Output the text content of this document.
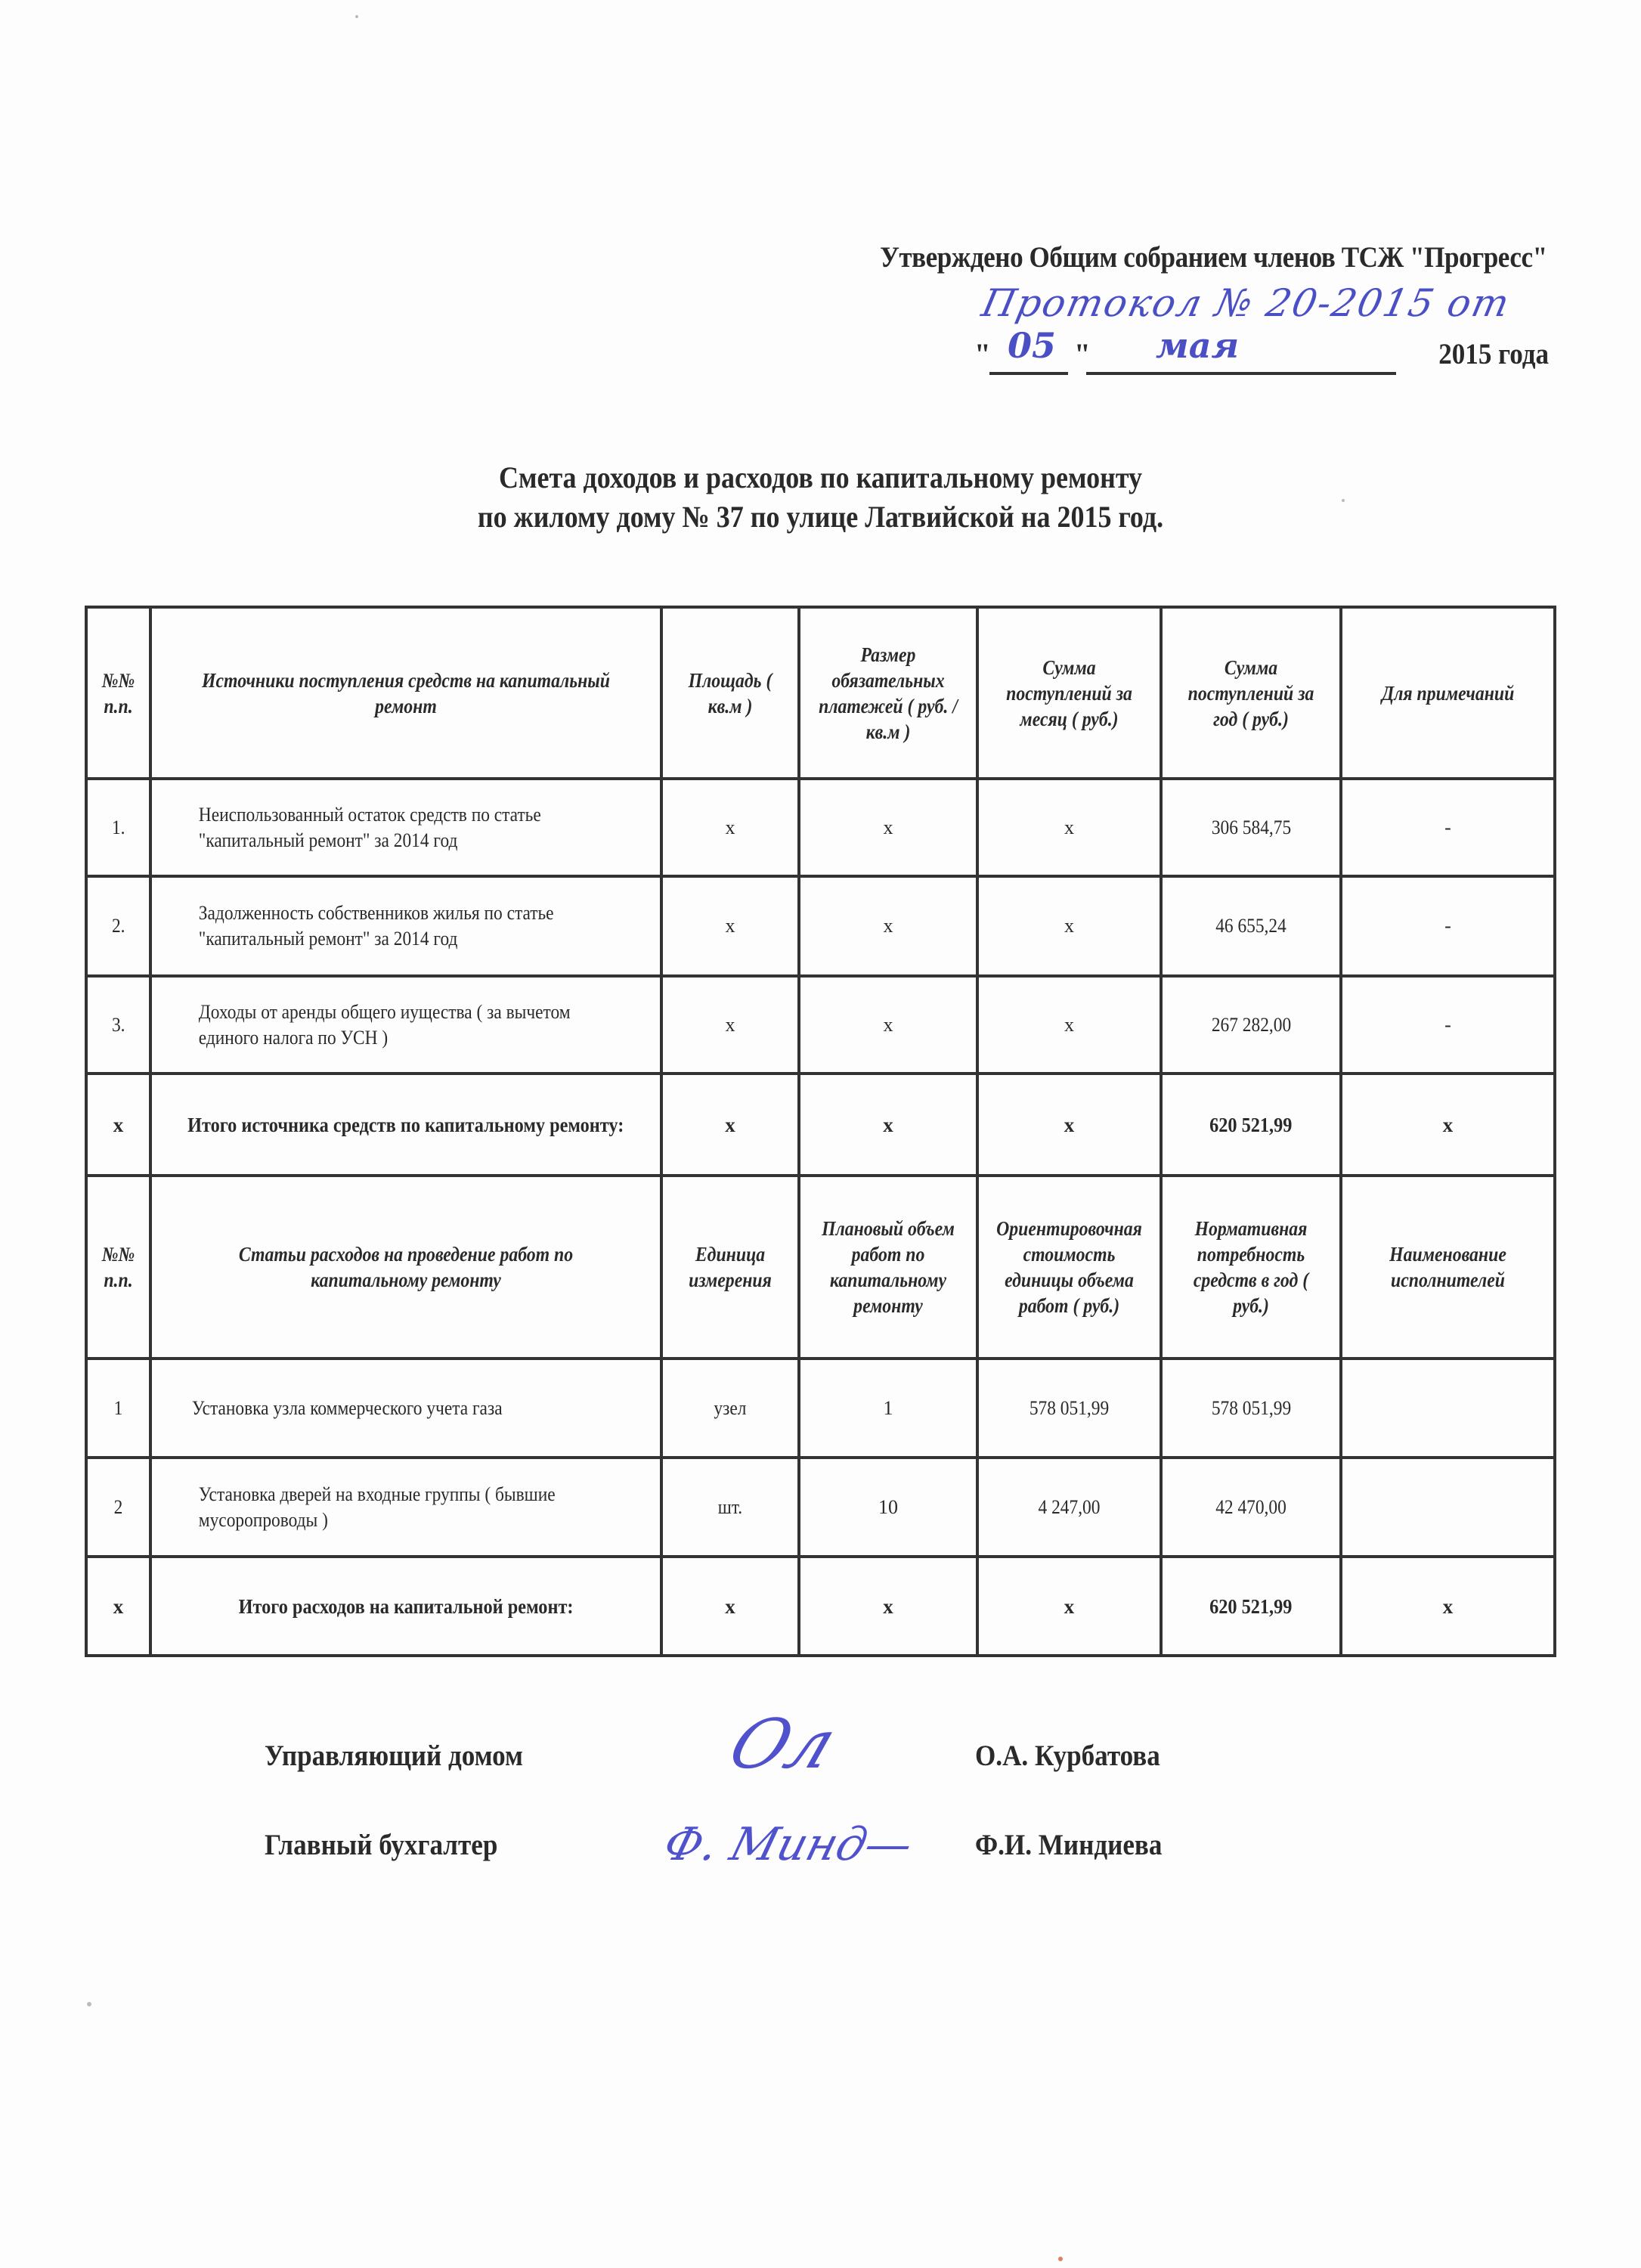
Утверждено Общим собранием членов ТСЖ "Прогресс"
Протокол № 20-2015 от
" 05 " мая	2015 года
Смета доходов и расходов по капитальному ремонту
по жилому дому № 37 по улице Латвийской на 2015 год.
№№ п.п.	Источники поступления средств на капитальный ремонт	Площадь ( кв.м )	Размер обязательных платежей ( руб. / кв.м )	Сумма поступлений за месяц ( руб.)	Сумма поступлений за год ( руб.)	Для примечаний
1.	Неиспользованный остаток средств по статье "капитальный ремонт" за 2014 год	x	x	x	306 584,75	-
2.	Задолженность собственников жилья по статье "капитальный ремонт" за 2014 год	x	x	x	46 655,24	-
3.	Доходы от аренды общего иущества ( за вычетом единого налога по УСН )	x	x	x	267 282,00	-
x	Итого источника средств по капитальному ремонту:	x	x	x	620 521,99	x
№№ п.п.	Статьи расходов на проведение работ по капитальному ремонту	Единица измерения	Плановый объем работ по капитальному ремонту	Ориентировочная стоимость единицы объема работ ( руб.)	Нормативная потребность средств в год ( руб.)	Наименование исполнителей
1	Установка узла коммерческого учета газа	узел	1	578 051,99	578 051,99	
2	Установка дверей на входные группы ( бывшие мусоропроводы )	шт.	10	4 247,00	42 470,00	
x	Итого расходов на капитальной ремонт:	x	x	x	620 521,99	x
Управляющий домом	Ол	О.А. Курбатова
Главный бухгалтер	Ф. Минд— Ф.И. Миндиева
